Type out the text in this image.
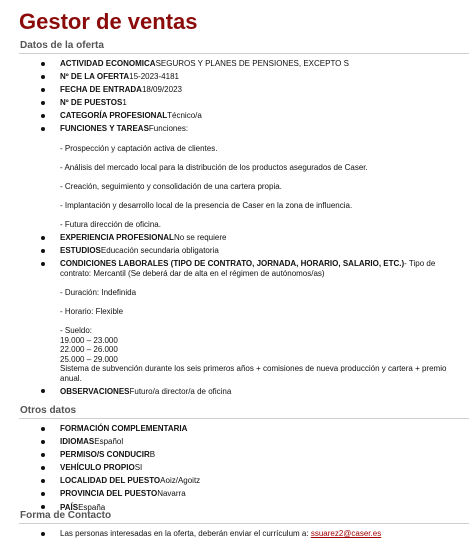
Gestor de ventas
Datos de la oferta
ACTIVIDAD ECONOMICASEGUROS Y PLANES DE PENSIONES, EXCEPTO S
Nº DE LA OFERTA15-2023-4181
FECHA DE ENTRADA18/09/2023
Nº DE PUESTOS1
CATEGORÍA PROFESIONALTécnico/a
FUNCIONES Y TAREASFunciones:
- Prospección y captación activa de clientes.
- Análisis del mercado local para la distribución de los productos asegurados de Caser.
- Creación, seguimiento y consolidación de una cartera propia.
- Implantación y desarrollo local de la presencia de Caser en la zona de influencia.
- Futura dirección de oficina.
EXPERIENCIA PROFESIONALNo se requiere
ESTUDIOSEducación secundaria obligatoria
CONDICIONES LABORALES (TIPO DE CONTRATO, JORNADA, HORARIO, SALARIO, ETC.)- Tipo de contrato: Mercantil (Se deberá dar de alta en el régimen de autónomos/as)
- Duración: Indefinida
- Horario: Flexible
- Sueldo:
19.000 – 23.000
22.000 – 26.000
25.000 – 29.000
Sistema de subvención durante los seis primeros años + comisiones de nueva producción y cartera + premio anual.
OBSERVACIONESFuturo/a director/a de oficina
Otros datos
FORMACIÓN COMPLEMENTARIA
IDIOMASEspañol
PERMISO/S CONDUCIRB
VEHÍCULO PROPIOSI
LOCALIDAD DEL PUESTOAoiz/Agoitz
PROVINCIA DEL PUESTONavarra
PAÍSEspaña
Forma de Contacto
Las personas interesadas en la oferta, deberán enviar el currículum a: ssuarez2@caser.es
